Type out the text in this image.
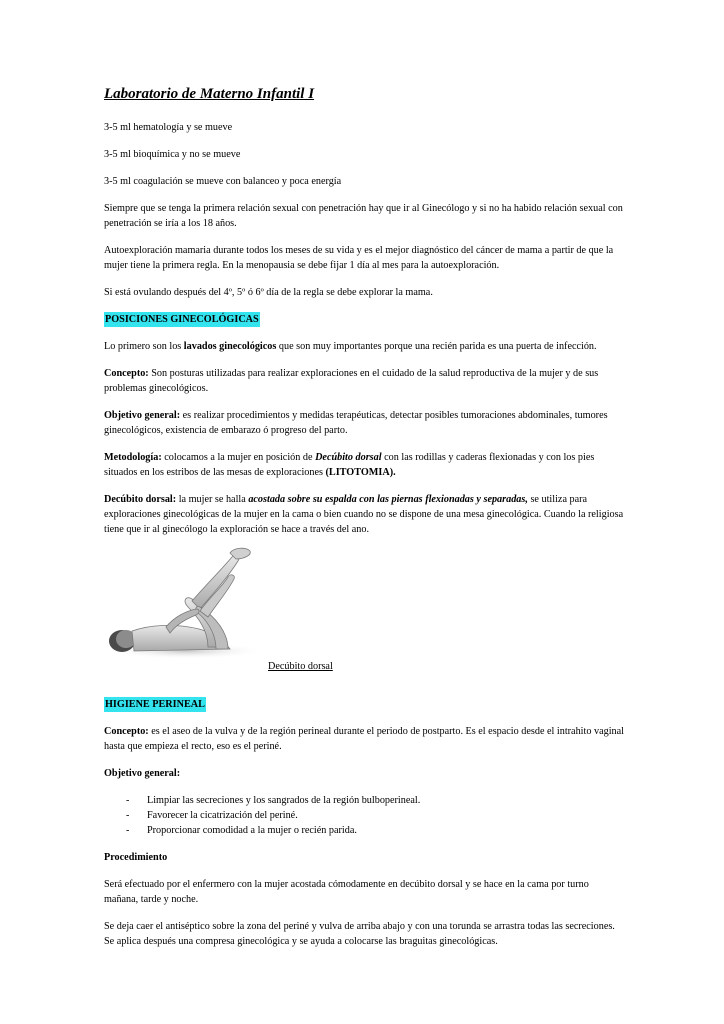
Laboratorio de Materno Infantil I

3-5 ml hematología y se mueve

3-5 ml bioquímica y no se mueve

3-5 ml coagulación se mueve con balanceo y poca energía

Siempre que se tenga la primera relación sexual con penetración hay que ir al Ginecólogo y si no ha habido relación sexual con penetración se iría a los 18 años.

Autoexploración mamaria durante todos los meses de su vida y es el mejor diagnóstico del cáncer de mama a partir de que la mujer tiene la primera regla. En la menopausia se debe fijar 1 día al mes para la autoexploración.

Si está ovulando después del 4º, 5º ó 6º día de la regla se debe explorar la mama.

POSICIONES GINECOLÓGICAS

Lo primero son los lavados ginecológicos que son muy importantes porque una recién parida es una puerta de infección.

Concepto: Son posturas utilizadas para realizar exploraciones en el cuidado de la salud reproductiva de la mujer y de sus problemas ginecológicos.

Objetivo general: es realizar procedimientos y medidas terapéuticas, detectar posibles tumoraciones abdominales, tumores ginecológicos, existencia de embarazo ó progreso del parto.

Metodología: colocamos a la mujer en posición de Decúbito dorsal con las rodillas y caderas flexionadas y con los pies situados en los estribos de las mesas de exploraciones (LITOTOMIA).

Decúbito dorsal: la mujer se halla acostada sobre su espalda con las piernas flexionadas y separadas, se utiliza para exploraciones ginecológicas de la mujer en la cama o bien cuando no se dispone de una mesa ginecológica. Cuando la religiosa tiene que ir al ginecólogo la exploración se hace a través del ano.

Decúbito dorsal

HIGIENE PERINEAL

Concepto: es el aseo de la vulva y de la región perineal durante el periodo de postparto. Es el espacio desde el intrahito vaginal hasta que empieza el recto, eso es el periné.

Objetivo general:

- Limpiar las secreciones y los sangrados de la región bulboperineal.
- Favorecer la cicatrización del periné.
- Proporcionar comodidad a la mujer o recién parida.

Procedimiento

Será efectuado por el enfermero con la mujer acostada cómodamente en decúbito dorsal y se hace en la cama por turno mañana, tarde y noche.

Se deja caer el antiséptico sobre la zona del periné y vulva de arriba abajo y con una torunda se arrastra todas las secreciones. Se aplica después una compresa ginecológica y se ayuda a colocarse las braguitas ginecológicas.
